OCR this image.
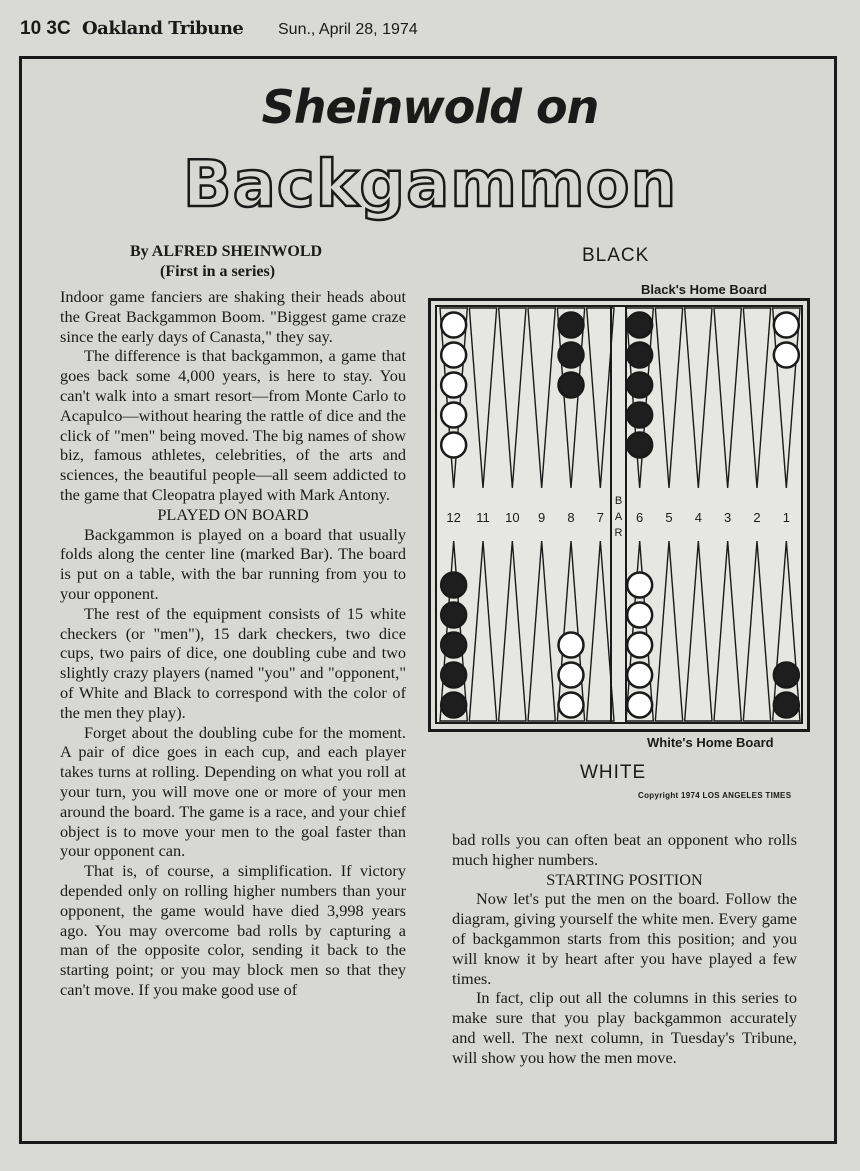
10 3C Oakland Tribune Sun., April 28, 1974
Sheinwold on
Backgammon
By ALFRED SHEINWOLD
(First in a series)

Indoor game fanciers are shaking their heads about the Great Backgammon Boom. "Biggest game craze since the early days of Canasta," they say.

The difference is that backgammon, a game that goes back some 4,000 years, is here to stay. You can't walk into a smart resort—from Monte Carlo to Acapulco—without hearing the rattle of dice and the click of "men" being moved. The big names of show biz, famous athletes, celebrities, of the arts and sciences, the beautiful people—all seem addicted to the game that Cleopatra played with Mark Antony.

PLAYED ON BOARD

Backgammon is played on a board that usually folds along the center line (marked Bar). The board is put on a table, with the bar running from you to your opponent.

The rest of the equipment consists of 15 white checkers (or "men"), 15 dark checkers, two dice cups, two pairs of dice, one doubling cube and two slightly crazy players (named "you" and "opponent," of White and Black to correspond with the color of the men they play).

Forget about the doubling cube for the moment. A pair of dice goes in each cup, and each player takes turns at rolling. Depending on what you roll at your turn, you will move one or more of your men around the board. The game is a race, and your chief object is to move your men to the goal faster than your opponent can.

That is, of course, a simplification. If victory depended only on rolling higher numbers than your opponent, the game would have died 3,998 years ago. You may overcome bad rolls by capturing a man of the opposite color, sending it back to the starting point; or you may block men so that they can't move. If you make good use of

bad rolls you can often beat an opponent who rolls much higher numbers.

STARTING POSITION

Now let's put the men on the board. Follow the diagram, giving yourself the white men. Every game of backgammon starts from this position; and you will know it by heart after you have played a few times.

In fact, clip out all the columns in this series to make sure that you play backgammon accurately and well. The next column, in Tuesday's Tribune, will show you how the men move.

BLACK
Black's Home Board
12 11 10 9 8 7 6 5 4 3 2 1
B
A
R
White's Home Board
WHITE
Copyright 1974 LOS ANGELES TIMES
